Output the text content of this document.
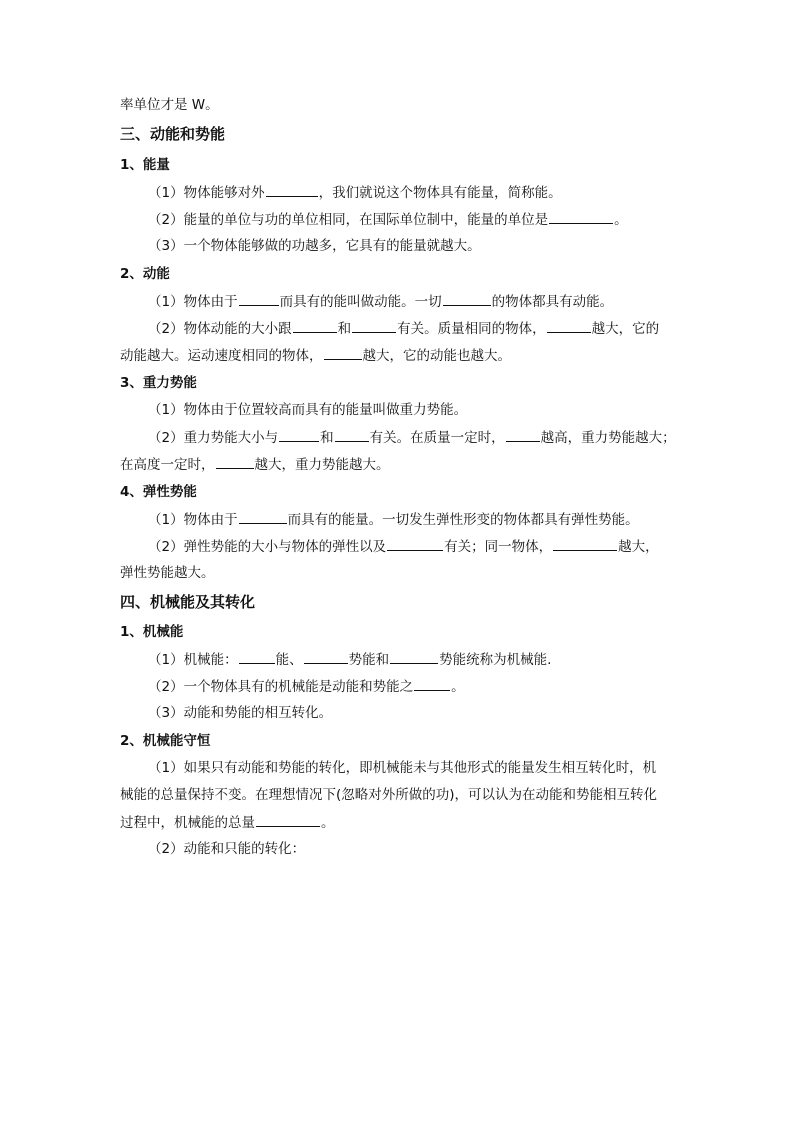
率单位才是 W。
三、动能和势能
1、能量
（1）物体能够对外	，我们就说这个物体具有能量，简称能。
（2）能量的单位与功的单位相同，在国际单位制中，能量的单位是	。
（3）一个物体能够做的功越多，它具有的能量就越大。
2、动能
（1）物体由于	而具有的能叫做动能。一切	的物体都具有动能。
（2）物体动能的大小跟	和	有关。质量相同的物体，	越大，它的
动能越大。运动速度相同的物体，	越大，它的动能也越大。
3、重力势能
（1）物体由于位置较高而具有的能量叫做重力势能。
（2）重力势能大小与	和	有关。在质量一定时，	越高，重力势能越大；
在高度一定时，	越大，重力势能越大。
4、弹性势能
（1）物体由于	而具有的能量。一切发生弹性形变的物体都具有弹性势能。
（2）弹性势能的大小与物体的弹性以及	有关；同一物体，	越大，
弹性势能越大。
四、机械能及其转化
1、机械能
（1）机械能：	能、	势能和	势能统称为机械能.
（2）一个物体具有的机械能是动能和势能之	。
（3）动能和势能的相互转化。
2、机械能守恒
（1）如果只有动能和势能的转化，即机械能未与其他形式的能量发生相互转化时，机
械能的总量保持不变。在理想情况下(忽略对外所做的功)，可以认为在动能和势能相互转化
过程中，机械能的总量	。
（2）动能和只能的转化：
